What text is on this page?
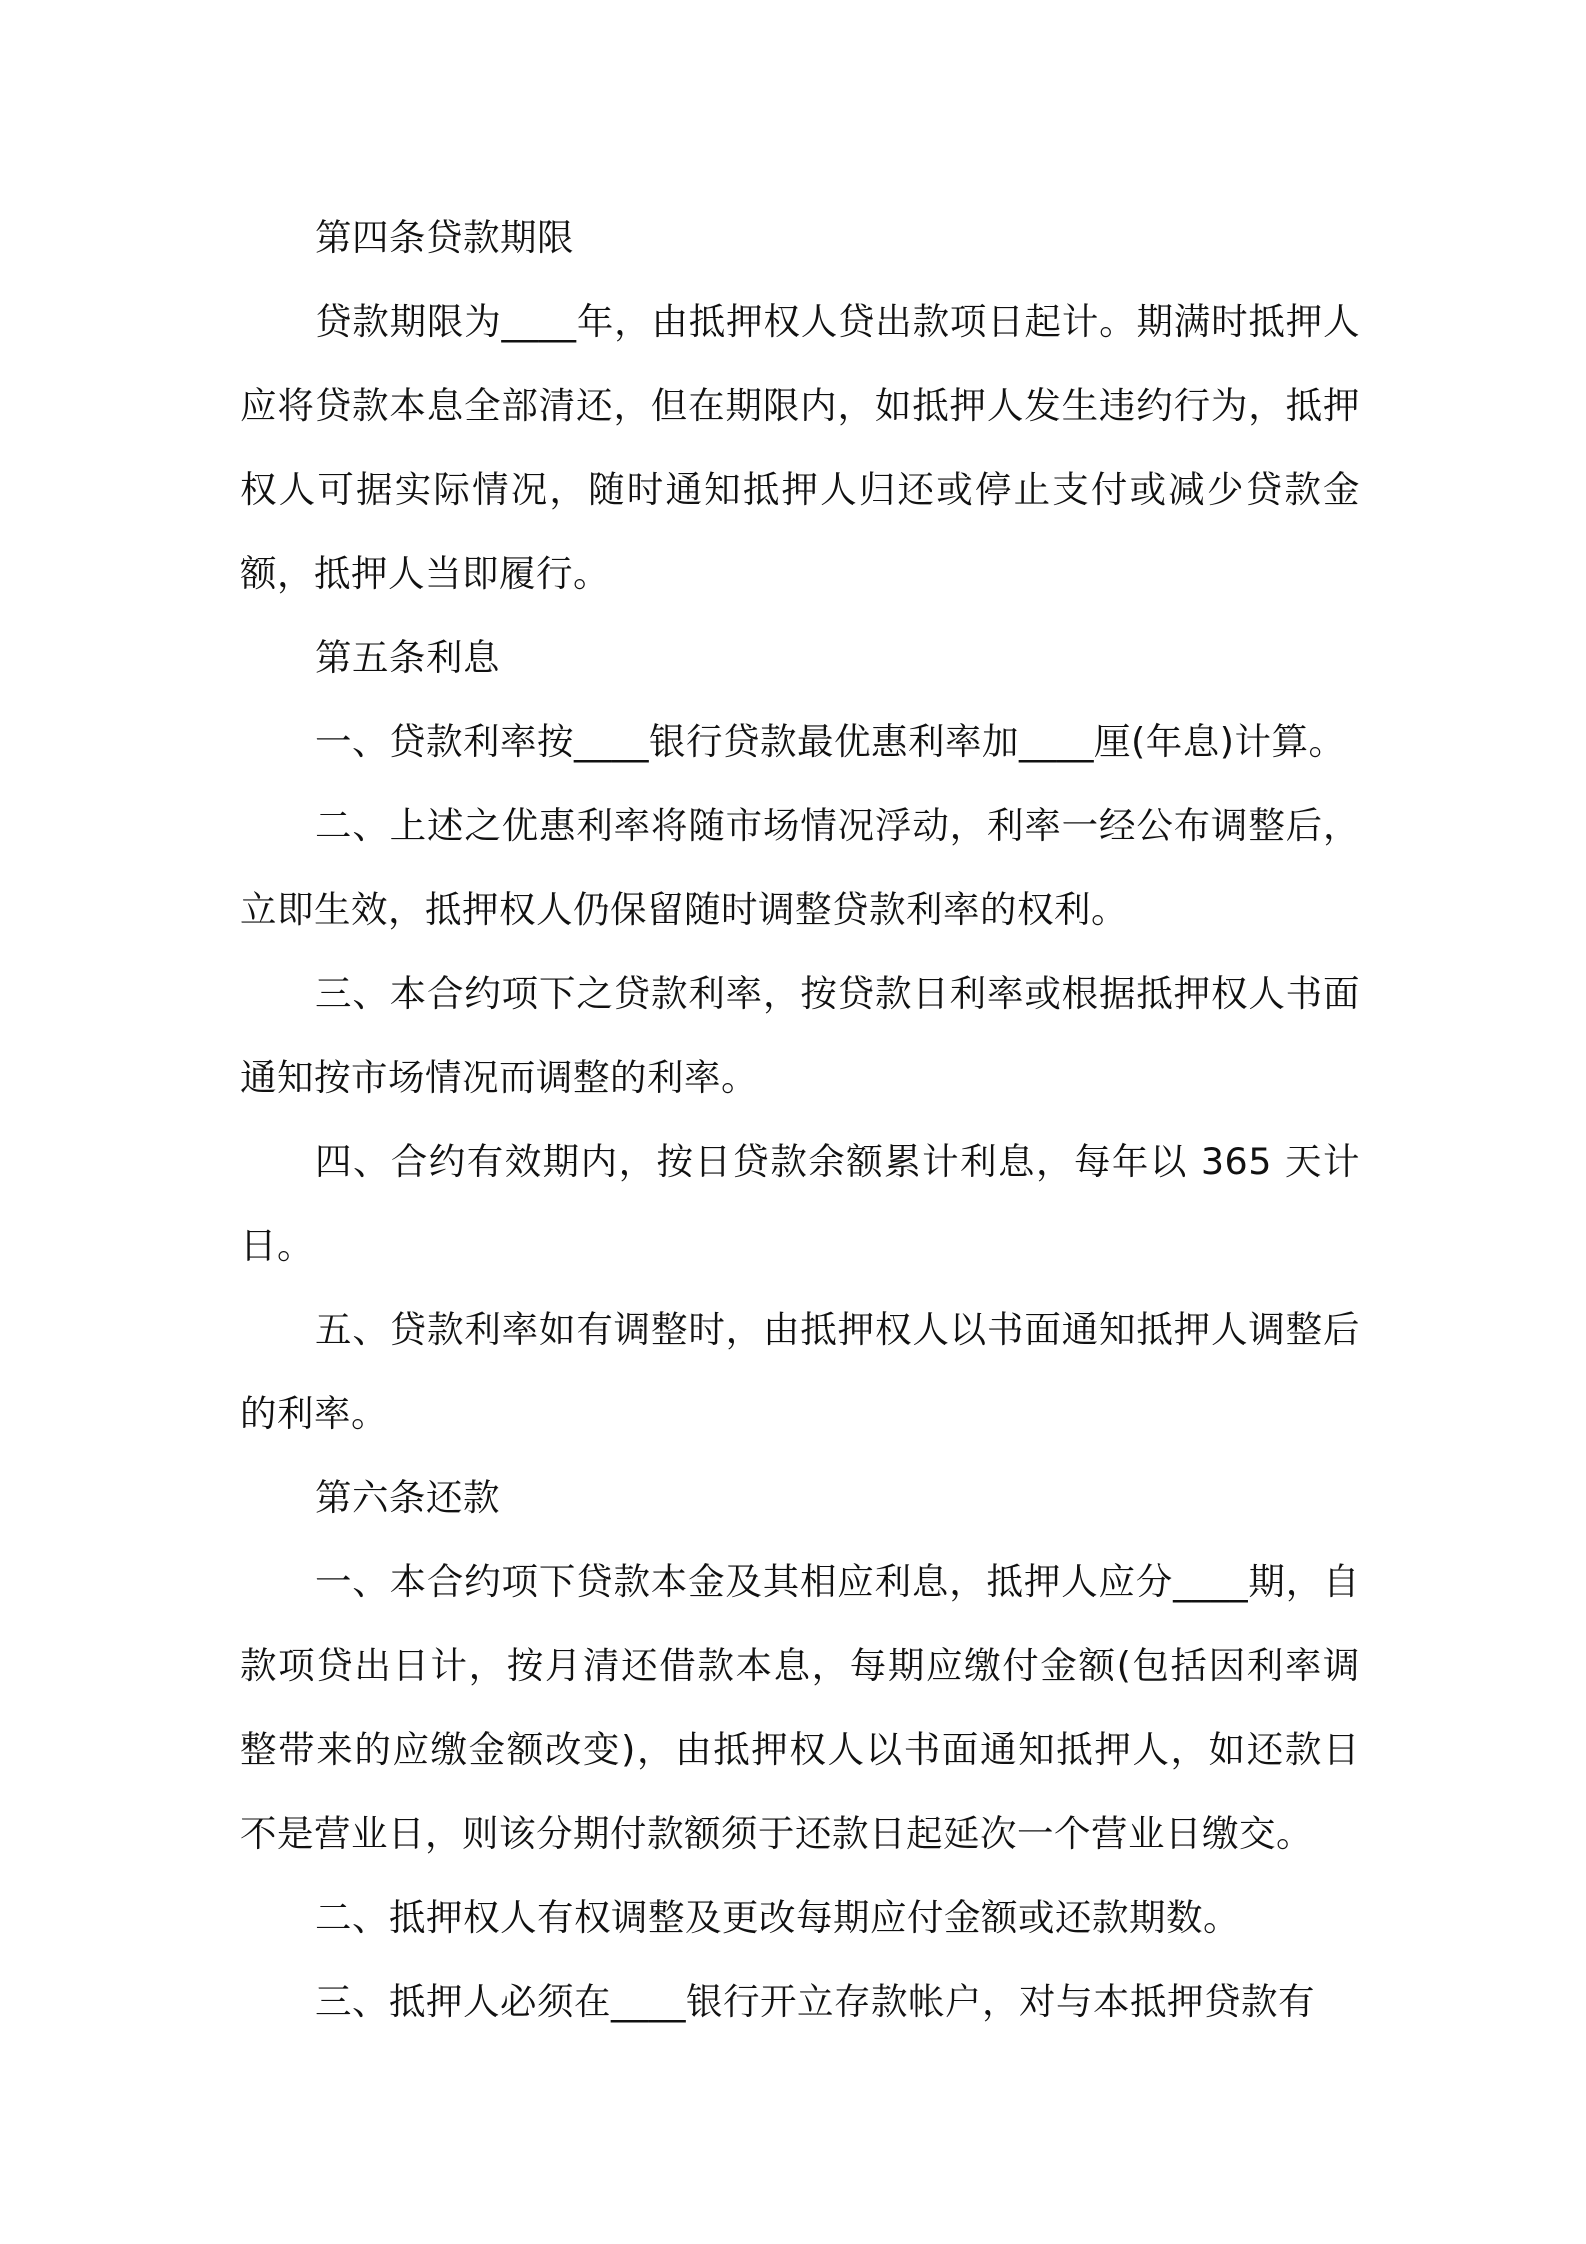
第四条贷款期限

贷款期限为____年，由抵押权人贷出款项日起计。期满时抵押人应将贷款本息全部清还，但在期限内，如抵押人发生违约行为，抵押权人可据实际情况，随时通知抵押人归还或停止支付或减少贷款金额，抵押人当即履行。

第五条利息

一、贷款利率按____银行贷款最优惠利率加____厘(年息)计算。

二、上述之优惠利率将随市场情况浮动，利率一经公布调整后，立即生效，抵押权人仍保留随时调整贷款利率的权利。

三、本合约项下之贷款利率，按贷款日利率或根据抵押权人书面通知按市场情况而调整的利率。

四、合约有效期内，按日贷款余额累计利息，每年以 365 天计日。

五、贷款利率如有调整时，由抵押权人以书面通知抵押人调整后的利率。

第六条还款

一、本合约项下贷款本金及其相应利息，抵押人应分____期，自款项贷出日计，按月清还借款本息，每期应缴付金额(包括因利率调整带来的应缴金额改变)，由抵押权人以书面通知抵押人，如还款日不是营业日，则该分期付款额须于还款日起延次一个营业日缴交。

二、抵押权人有权调整及更改每期应付金额或还款期数。

三、抵押人必须在____银行开立存款帐户，对与本抵押贷款有
